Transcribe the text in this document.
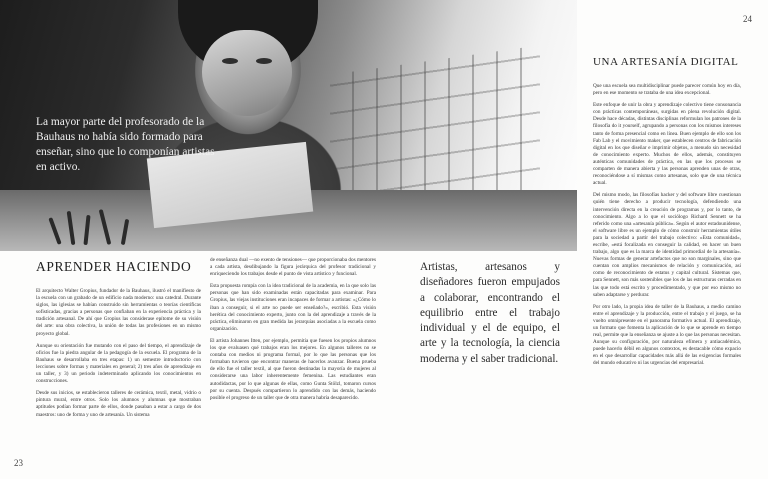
La mayor parte del profesorado de la Bauhaus no había sido formado para enseñar, sino que lo componían artistas en activo.
APRENDER HACIENDO

El arquitecto Walter Gropius, fundador de la Bauhaus, ilustró el manifiesto de la escuela con un grabado de un edificio nada moderno: una catedral. Durante siglos, las iglesias se habían construido sin herramientas o teorías científicas sofisticadas, gracias a personas que confiaban en la experiencia práctica y la tradición artesanal. De ahí que Gropius las considerase epítome de su visión del arte: una obra colectiva, la unión de todas las profesiones en un mismo proyecto global.

Aunque su orientación fue mutando con el paso del tiempo, el aprendizaje de oficios fue la piedra angular de la pedagogía de la escuela. El programa de la Bauhaus se desarrollaba en tres etapas: 1) un semestre introductorio con lecciones sobre formas y materiales en general; 2) tres años de aprendizaje en un taller, y 3) un periodo indeterminado aplicando los conocimientos en construcciones.

Desde sus inicios, se establecieron talleres de cerámica, textil, metal, vidrio o pintura mural, entre otros. Solo los alumnos y alumnas que mostraban aptitudes podían formar parte de ellos, donde pasaban a estar a cargo de dos maestros: uno de forma y uno de artesanía. Un sistema

de enseñanza dual —no exento de tensiones— que proporcionaba dos mentores a cada artista, desdibujando la figura jerárquica del profesor tradicional y enriqueciendo los trabajos desde el punto de vista artístico y funcional.

Esta propuesta rompía con la idea tradicional de la academia, en la que solo las personas que han sido examinadas están capacitadas para examinar. Para Gropius, las viejas instituciones eran incapaces de formar a artistas: «¿Cómo lo iban a conseguir, si el arte no puede ser enseñado?», escribió. Esta visión herética del conocimiento experto, junto con la del aprendizaje a través de la práctica, eliminaron en gran medida las jerarquías asociadas a la escuela como organización.

El artista Johannes Itten, por ejemplo, permitía que fuesen los propios alumnos los que evaluasen qué trabajos eran los mejores. En algunos talleres no se contaba con medios ni programa formal, por lo que las personas que los formaban tuvieron que encontrar maneras de hacerlos avanzar. Buena prueba de ello fue el taller textil, al que fueron destinadas la mayoría de mujeres al considerarse una labor inherentemente femenina. Las estudiantes eran autodidactas, por lo que algunas de ellas, como Gunta Stölzl, tomaron cursos por su cuenta. Después compartieron lo aprendido con las demás, haciendo posible el progreso de un taller que de otra manera habría desaparecido.

23
24
UNA ARTESANÍA DIGITAL
Artistas, artesanos y diseñadores fueron empujados a colaborar, encontrando el equilibrio entre el trabajo individual y el de equipo, el arte y la tecnología, la ciencia moderna y el saber tradicional.

Que una escuela sea multidisciplinar puede parecer común hoy en día, pero en ese momento se trataba de una idea excepcional.

Este enfoque de unir la obra y aprendizaje colectivo tiene consonancia con prácticas contemporáneas, surgidas en plena revolución digital. Desde hace décadas, distintas disciplinas reformulan los patrones de la filosofía do it yourself, agrupando a personas con los mismos intereses tanto de forma presencial como en línea. Buen ejemplo de ello son los Fab Lab y el movimiento maker, que establecen centros de fabricación digital en los que diseñar e imprimir objetos, a menudo sin necesidad de conocimiento experto. Muchos de ellos, además, constituyen auténticas comunidades de práctica, en las que los procesos se comparten de manera abierta y las personas aprenden unas de otras, reconociéndose a sí mismas como artesanas, solo que de una técnica actual.

Del mismo modo, las filosofías hacker y del software libre cuestionan quién tiene derecho a producir tecnología, defendiendo una intervención directa en la creación de programas y, por lo tanto, de conocimiento. Algo a lo que el sociólogo Richard Sennett se ha referido como una «artesanía pública». Según el autor estadounidense, el software libre es un ejemplo de cómo construir herramientas útiles para la sociedad a partir del trabajo colectivo: «Esta comunidad», escribe, «está focalizada en conseguir la calidad, en hacer un buen trabajo, algo que es la marca de identidad primordial de la artesanía». Nuevas formas de generar artefactos que no son marginales, sino que cuentan con amplios mecanismos de relación y comunicación, así como de reconocimiento de estatus y capital cultural. Sistemas que, para Sennett, son más sostenibles que los de las estructuras cerradas en las que todo está escrito y procedimentado, y que por eso mismo no saben adaptarse y perdurar.

Por otro lado, la propia idea de taller de la Bauhaus, a medio camino entre el aprendizaje y la producción, entre el trabajo y el juego, se ha vuelto omnipresente en el panorama formativo actual. El aprendizaje, un formato que fomenta la aplicación de lo que se aprende en tiempo real, permite que la enseñanza se ajuste a lo que las personas necesitan. Aunque su configuración, por naturaleza efímera y antiacadémica, puede hacerlo débil en algunos contextos, es destacable cómo expacio en el que desarrollar capacidades más allá de las exigencias formales del mundo educativo ni las urgencias del empresarial.
